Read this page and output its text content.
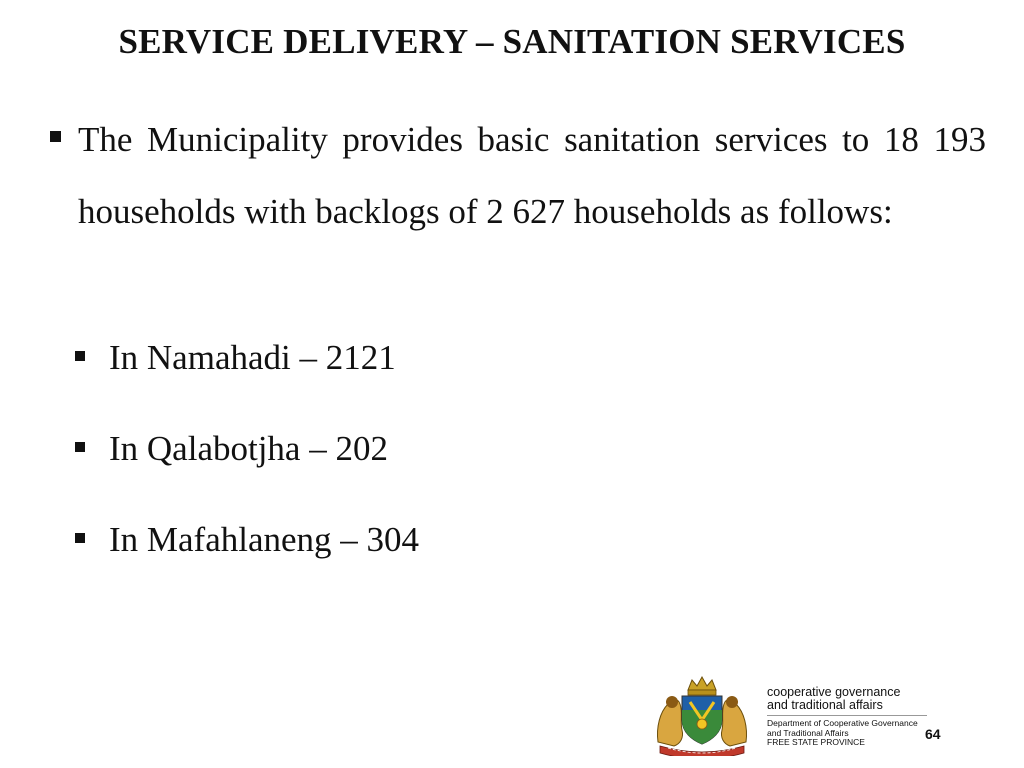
SERVICE DELIVERY – SANITATION SERVICES
The Municipality provides basic sanitation services to 18 193 households with backlogs of 2 627 households as follows:
In Namahadi – 2121
In Qalabotjha – 202
In Mafahlaneng – 304
cooperative governance
and traditional affairs
Department of Cooperative Governance
and Traditional Affairs
FREE STATE PROVINCE	64
